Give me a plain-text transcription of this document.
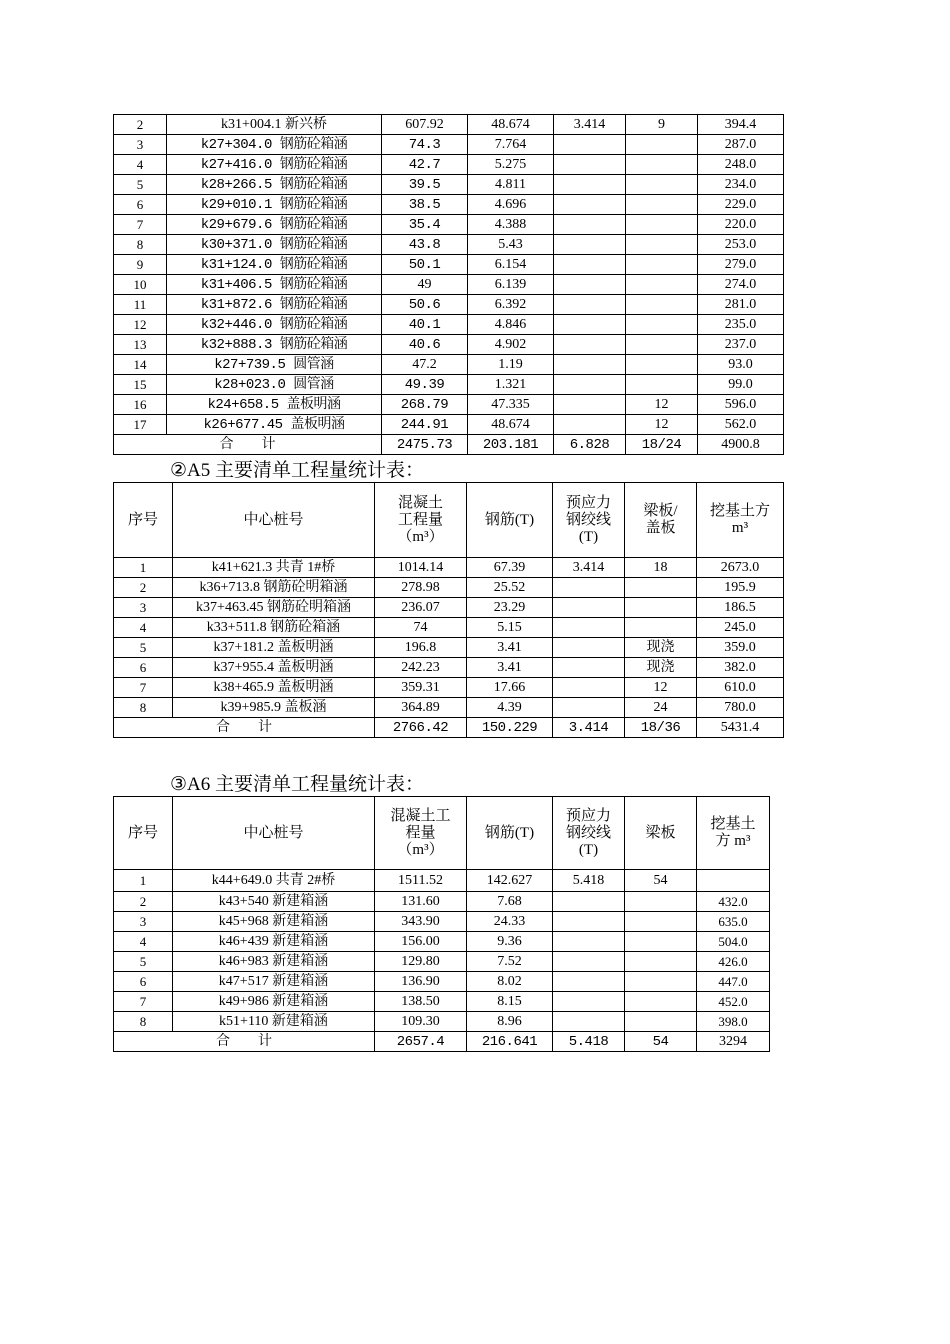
2	k31+004.1 新兴桥	607.92	48.674	3.414	9	394.4
3	k27+304.0 钢筋砼箱涵	74.3	7.764			287.0
4	k27+416.0 钢筋砼箱涵	42.7	5.275			248.0
5	k28+266.5 钢筋砼箱涵	39.5	4.811			234.0
6	k29+010.1 钢筋砼箱涵	38.5	4.696			229.0
7	k29+679.6 钢筋砼箱涵	35.4	4.388			220.0
8	k30+371.0 钢筋砼箱涵	43.8	5.43			253.0
9	k31+124.0 钢筋砼箱涵	50.1	6.154			279.0
10	k31+406.5 钢筋砼箱涵	49	6.139			274.0
11	k31+872.6 钢筋砼箱涵	50.6	6.392			281.0
12	k32+446.0 钢筋砼箱涵	40.1	4.846			235.0
13	k32+888.3 钢筋砼箱涵	40.6	4.902			237.0
14	k27+739.5 圆管涵	47.2	1.19			93.0
15	k28+023.0 圆管涵	49.39	1.321			99.0
16	k24+658.5 盖板明涵	268.79	47.335		12	596.0
17	k26+677.45 盖板明涵	244.91	48.674		12	562.0
合　　计		2475.73	203.181	6.828	18/24	4900.8
②A5 主要清单工程量统计表：
序号	中心桩号	混凝土
工程量
（m³）	钢筋(T)	预应力
钢绞线
(T)	梁板/
盖板	挖基土方
m³
1	k41+621.3 共青 1#桥	1014.14	67.39	3.414	18	2673.0
2	k36+713.8 钢筋砼明箱涵	278.98	25.52			195.9
3	k37+463.45 钢筋砼明箱涵	236.07	23.29			186.5
4	k33+511.8 钢筋砼箱涵	74	5.15			245.0
5	k37+181.2 盖板明涵	196.8	3.41		现浇	359.0
6	k37+955.4 盖板明涵	242.23	3.41		现浇	382.0
7	k38+465.9 盖板明涵	359.31	17.66		12	610.0
8	k39+985.9 盖板涵	364.89	4.39		24	780.0
合　　计		2766.42	150.229	3.414	18/36	5431.4
③A6 主要清单工程量统计表：
序号	中心桩号	混凝土工
程量
（m³）	钢筋(T)	预应力
钢绞线
(T)	梁板	挖基土
方 m³
1	k44+649.0 共青 2#桥	1511.52	142.627	5.418	54	
2	k43+540 新建箱涵	131.60	7.68			432.0
3	k45+968 新建箱涵	343.90	24.33			635.0
4	k46+439 新建箱涵	156.00	9.36			504.0
5	k46+983 新建箱涵	129.80	7.52			426.0
6	k47+517 新建箱涵	136.90	8.02			447.0
7	k49+986 新建箱涵	138.50	8.15			452.0
8	k51+110 新建箱涵	109.30	8.96			398.0
合　　计		2657.4	216.641	5.418	54	3294
